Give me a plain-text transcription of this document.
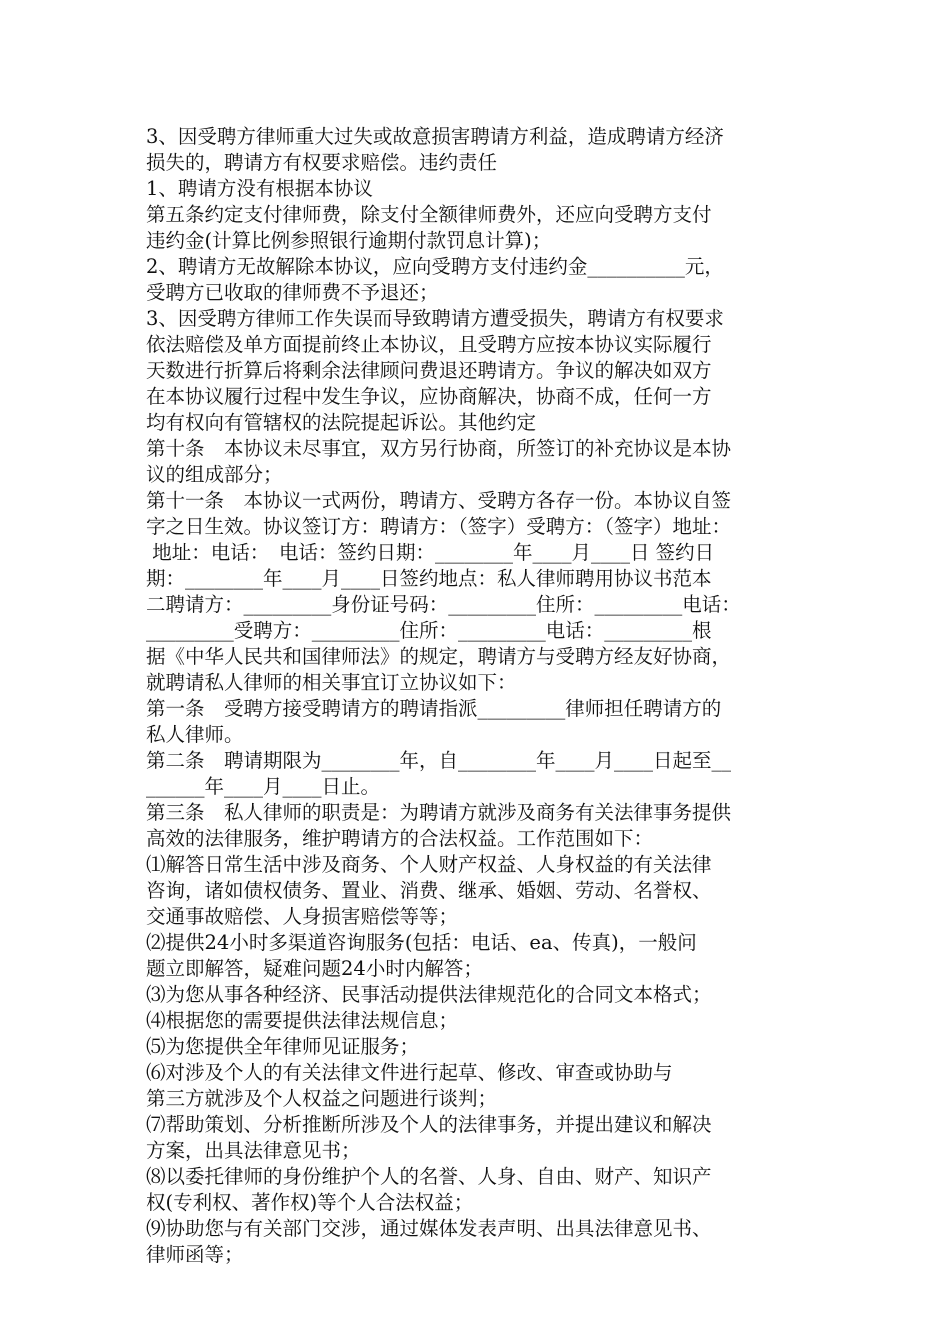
3、因受聘方律师重大过失或故意损害聘请方利益，造成聘请方经济
损失的，聘请方有权要求赔偿。违约责任
1、聘请方没有根据本协议
第五条约定支付律师费，除支付全额律师费外，还应向受聘方支付
违约金(计算比例参照银行逾期付款罚息计算)；
2、聘请方无故解除本协议，应向受聘方支付违约金__________元，
受聘方已收取的律师费不予退还；
3、因受聘方律师工作失误而导致聘请方遭受损失，聘请方有权要求
依法赔偿及单方面提前终止本协议，且受聘方应按本协议实际履行
天数进行折算后将剩余法律顾问费退还聘请方。争议的解决如双方
在本协议履行过程中发生争议，应协商解决，协商不成，任何一方
均有权向有管辖权的法院提起诉讼。其他约定
第十条　本协议未尽事宜，双方另行协商，所签订的补充协议是本协
议的组成部分；
第十一条　本协议一式两份，聘请方、受聘方各存一份。本协议自签
字之日生效。协议签订方：聘请方：（签字）受聘方：（签字）地址：
地址：电话：　电话：签约日期：________年____月____日 签约日
期：________年____月____日签约地点：私人律师聘用协议书范本
二聘请方：_________身份证号码：_________住所：_________电话：
_________受聘方：_________住所：_________电话：_________根
据《中华人民共和国律师法》的规定，聘请方与受聘方经友好协商，
就聘请私人律师的相关事宜订立协议如下：
第一条　受聘方接受聘请方的聘请指派_________律师担任聘请方的
私人律师。
第二条　聘请期限为________年，自________年____月____日起至__
______年____月____日止。
第三条　私人律师的职责是：为聘请方就涉及商务有关法律事务提供
高效的法律服务，维护聘请方的合法权益。工作范围如下：
⑴解答日常生活中涉及商务、个人财产权益、人身权益的有关法律
咨询，诸如债权债务、置业、消费、继承、婚姻、劳动、名誉权、
交通事故赔偿、人身损害赔偿等等；
⑵提供24小时多渠道咨询服务(包括：电话、ea、传真)，一般问
题立即解答，疑难问题24小时内解答；
⑶为您从事各种经济、民事活动提供法律规范化的合同文本格式；
⑷根据您的需要提供法律法规信息；
⑸为您提供全年律师见证服务；
⑹对涉及个人的有关法律文件进行起草、修改、审查或协助与
第三方就涉及个人权益之问题进行谈判；
⑺帮助策划、分析推断所涉及个人的法律事务，并提出建议和解决
方案，出具法律意见书；
⑻以委托律师的身份维护个人的名誉、人身、自由、财产、知识产
权(专利权、著作权)等个人合法权益；
⑼协助您与有关部门交涉，通过媒体发表声明、出具法律意见书、
律师函等；
